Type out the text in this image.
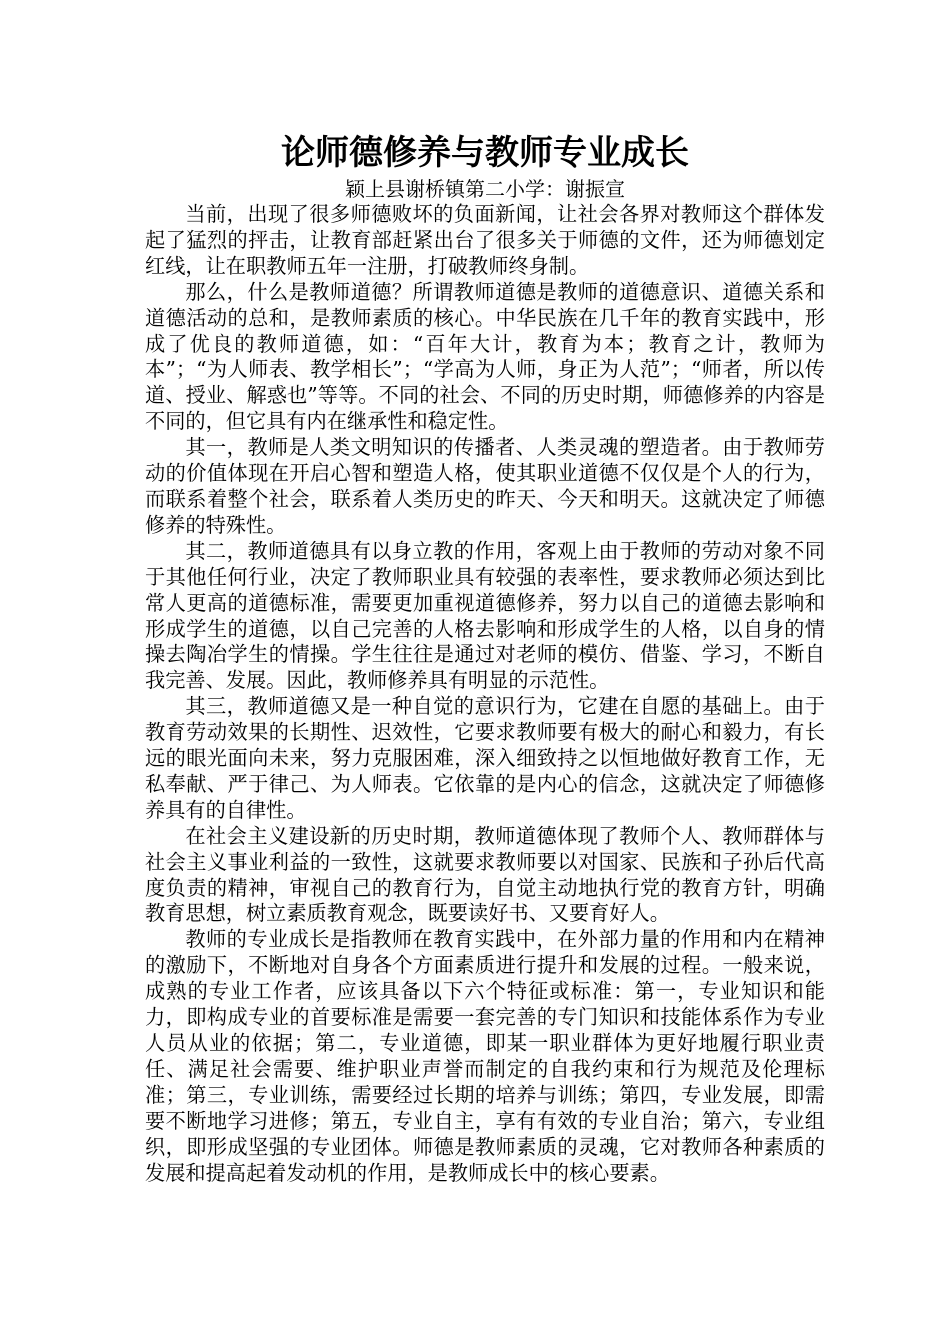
论师德修养与教师专业成长

颖上县谢桥镇第二小学：谢振宣

当前，出现了很多师德败坏的负面新闻，让社会各界对教师这个群体发起了猛烈的抨击，让教育部赶紧出台了很多关于师德的文件，还为师德划定红线，让在职教师五年一注册，打破教师终身制。

那么，什么是教师道德？所谓教师道德是教师的道德意识、道德关系和道德活动的总和，是教师素质的核心。中华民族在几千年的教育实践中，形成了优良的教师道德，如：“百年大计，教育为本；教育之计，教师为本”；“为人师表、教学相长”；“学高为人师，身正为人范”；“师者，所以传道、授业、解惑也”等等。不同的社会、不同的历史时期，师德修养的内容是不同的，但它具有内在继承性和稳定性。

其一，教师是人类文明知识的传播者、人类灵魂的塑造者。由于教师劳动的价值体现在开启心智和塑造人格，使其职业道德不仅仅是个人的行为，而联系着整个社会，联系着人类历史的昨天、今天和明天。这就决定了师德修养的特殊性。

其二，教师道德具有以身立教的作用，客观上由于教师的劳动对象不同于其他任何行业，决定了教师职业具有较强的表率性，要求教师必须达到比常人更高的道德标准，需要更加重视道德修养，努力以自己的道德去影响和形成学生的道德，以自己完善的人格去影响和形成学生的人格，以自身的情操去陶冶学生的情操。学生往往是通过对老师的模仿、借鉴、学习，不断自我完善、发展。因此，教师修养具有明显的示范性。

其三，教师道德又是一种自觉的意识行为，它建在自愿的基础上。由于教育劳动效果的长期性、迟效性，它要求教师要有极大的耐心和毅力，有长远的眼光面向未来，努力克服困难，深入细致持之以恒地做好教育工作，无私奉献、严于律己、为人师表。它依靠的是内心的信念，这就决定了师德修养具有的自律性。

在社会主义建设新的历史时期，教师道德体现了教师个人、教师群体与社会主义事业利益的一致性，这就要求教师要以对国家、民族和子孙后代高度负责的精神，审视自己的教育行为，自觉主动地执行党的教育方针，明确教育思想，树立素质教育观念，既要读好书、又要育好人。

教师的专业成长是指教师在教育实践中，在外部力量的作用和内在精神的激励下，不断地对自身各个方面素质进行提升和发展的过程。一般来说，成熟的专业工作者，应该具备以下六个特征或标准：第一，专业知识和能力，即构成专业的首要标准是需要一套完善的专门知识和技能体系作为专业人员从业的依据；第二，专业道德，即某一职业群体为更好地履行职业责任、满足社会需要、维护职业声誉而制定的自我约束和行为规范及伦理标准；第三，专业训练，需要经过长期的培养与训练；第四，专业发展，即需要不断地学习进修；第五，专业自主，享有有效的专业自治；第六，专业组织，即形成坚强的专业团体。师德是教师素质的灵魂，它对教师各种素质的发展和提高起着发动机的作用，是教师成长中的核心要素。
